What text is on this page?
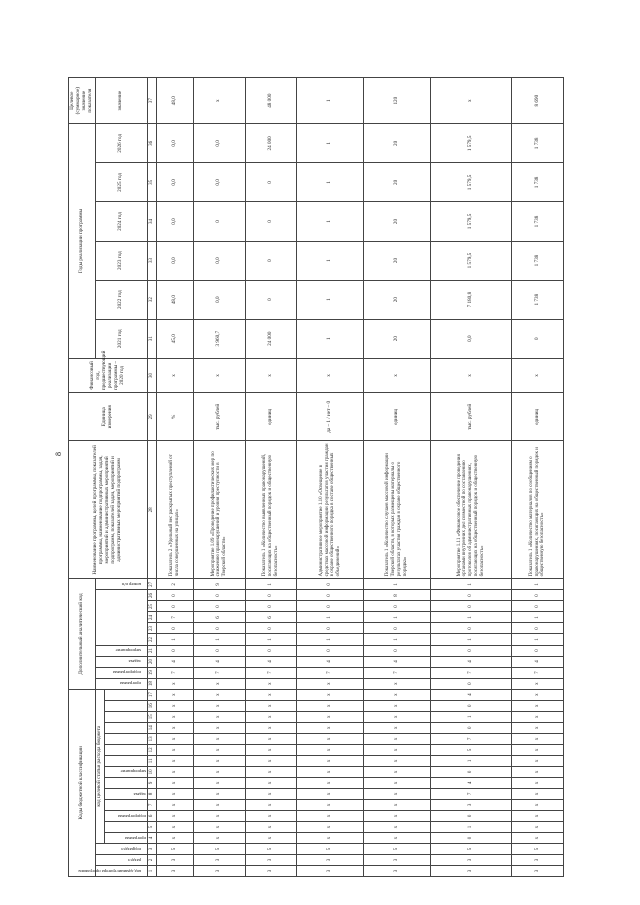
8
Коды бюджетной классификации																	Дополнительный аналитический код										Наименование программы, целей программы, показателей программы, наименование подпрограммы, задач, мероприятий и административных мероприятий подпрограмм, показателей задач, мероприятий и административных мероприятий подпрограмм	Единица измерения	Финансовый год, предшествующий реализации программы – 2020 год	Годы реализации программы						Целевое (суммарное) значение показателя

код администратора программы	раздел	подраздел	код целевой статьи расхода бюджета														программа	подпрограмма	задача	мероприятие						номер п/п				2021 год	2022 год	2023 год	2024 год	2025 год	2026 год	значение

			программа		подпрограмма		задача		мероприятие																											

1	2	3	4	5	6	7	8	9	10	11	12	13	14	15	16	17	18	19	20	21	22	23	24	25	26	27	28	29	30	31	32	33	34	35	36	37
3	3	5	х	х	х	х	х	х	х	х	х	х	х	х	х	х	х	7	4	0	1	0	7	0	0	2	Показатель 2 «Удельный вес раскрытых преступлений от числа совершенных на улицах»	%	х	45,0	48,0	0,0	0,0	0,0	0,0	48,0
3	3	5	х	х	х	х	х	х	х	х	х	х	х	х	х	х	х	7	4	0	1	0	6	0	0	9	Мероприятие 1.09 «Проведение профилактических мер по снижению правонарушений и уровня преступности в Тверской области»	тыс. рублей	х	3 960,7	0,0	0,0	0	0,0	0,0	х
3	3	5	х	х	х	х	х	х	х	х	х	х	х	х	х	х	х	7	4	0	1	0	6	0	0	1	Показатель 1 «Количество выявленных правонарушений, посягающих на общественный порядок и общественную безопасность»	единиц	х	24 000	0	0	0	0	24 000	48 000
3	3	5	х	х	х	х	х	х	х	х	х	х	х	х	х	х	х	7	4	0	1	0	1	0	0	0	Административное мероприятие 1.10 «Освещение в средствах массовой информации результатов участия граждан в охране общественного порядка в составе общественных объединений»	да – 1 / нет – 0	х	1	1	1	1	1	1	1
3	3	5	х	х	х	х	х	х	х	х	х	х	х	х	х	х	х	7	4	0	1	0	1	0	8	1	Показатель 1 «Количество случаев массовой информации Тверской области, в которых размещены материалы о результатах участия граждан в охране общественного порядка»	единиц	х	20	20	20	20	20	20	120
3	3	5	0	1	0	3	7	4	0	1	5	7	0	1	0	4	0	7	4	0	1	0	1	0	0	1	Мероприятие 1.11 «Финансовое обеспечение проведения органами внутренних дел совместной по составлению протоколов об административных правонарушениях, посягающих на общественный порядок и общественную безопасность»	тыс. рублей	х	0,0	7 180,8	1 579,5	1 579,5	1 579,5	1 579,5	х
3	3	5	х	х	х	х	х	х	х	х	х	х	х	х	х	х	х	7	4	0	1	0	1	0	0	1	Показатель 1 «Количество материалов по сообщениям о правонарушениях, посягающих на общественный порядок и общественную безопасность»	единиц	х	0	1 738	1 738	1 738	1 738	1 738	8 690
